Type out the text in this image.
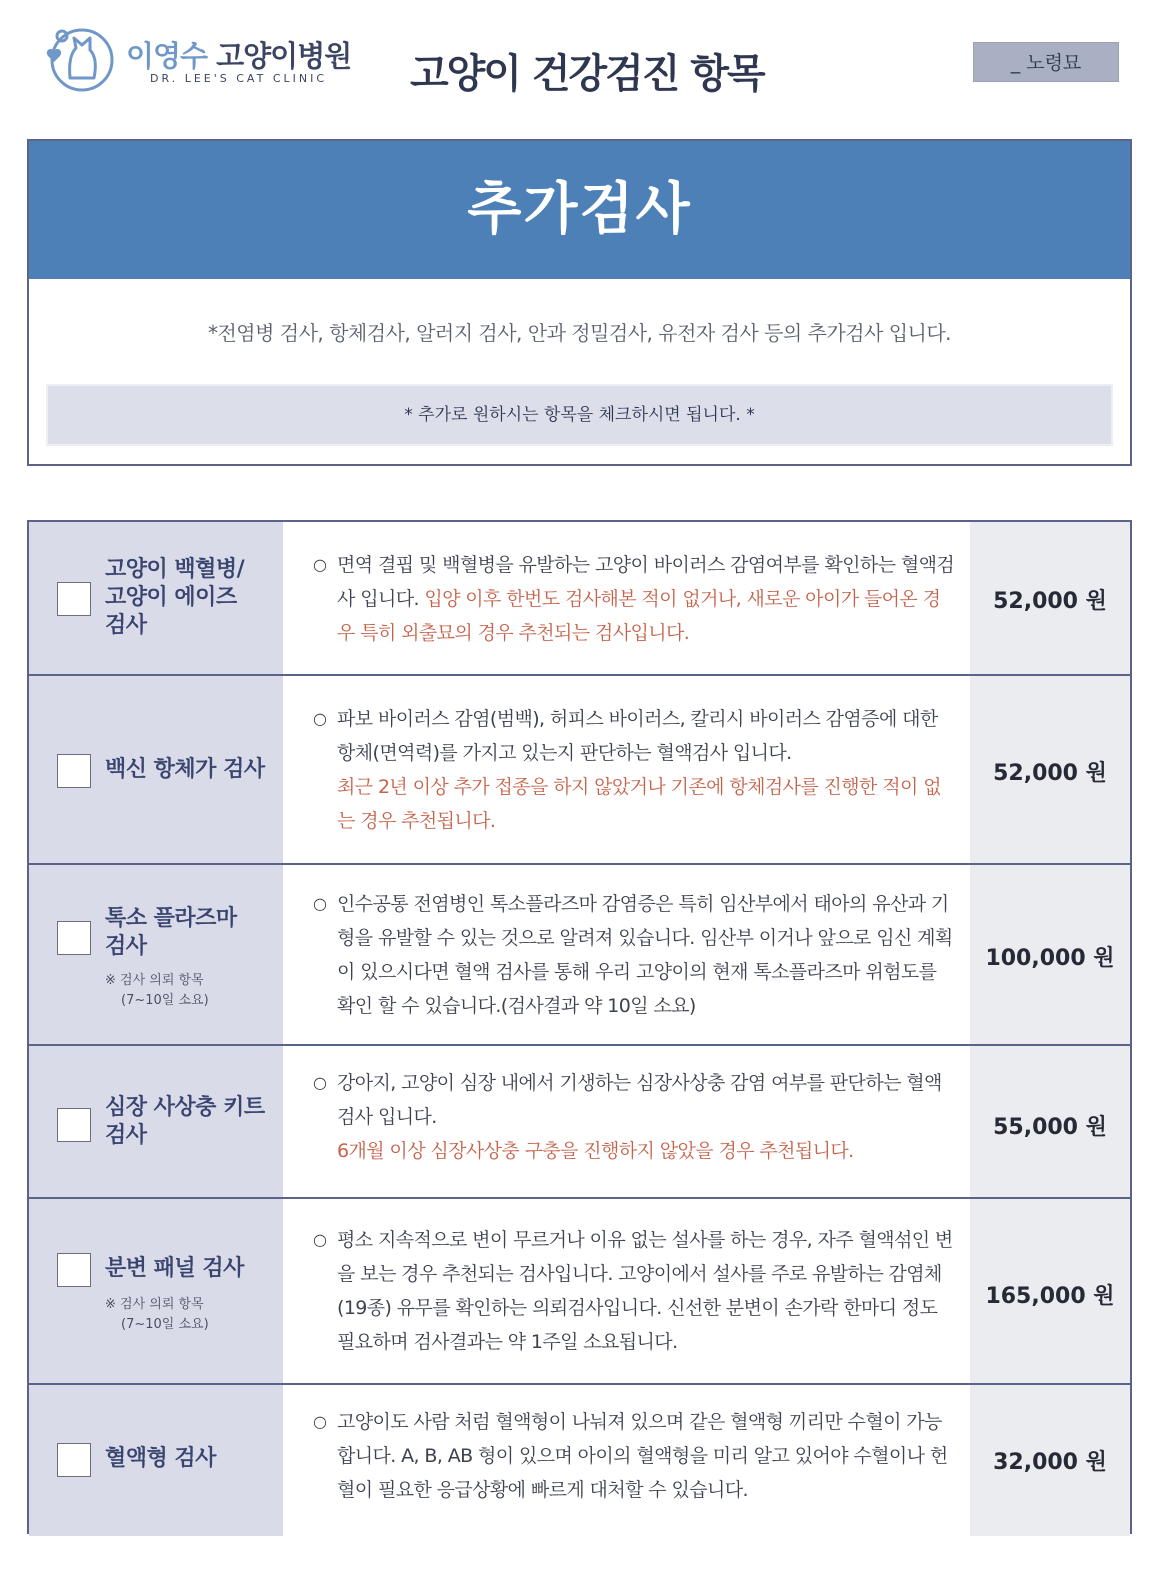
이영수 고양이병원
DR. LEE'S CAT CLINIC 고양이 건강검진 항목	_ 노령묘
추가검사
*전염병 검사, 항체검사, 알러지 검사, 안과 정밀검사, 유전자 검사 등의 추가검사 입니다.
* 추가로 원하시는 항목을 체크하시면 됩니다. *
고양이 백혈병/
고양이 에이즈
검사
○ 면역 결핍 및 백혈병을 유발하는 고양이 바이러스 감염여부를 확인하는 혈액검사 입니다. 입양 이후 한번도 검사해본 적이 없거나, 새로운 아이가 들어온 경우 특히 외출묘의 경우 추천되는 검사입니다.
52,000 원
백신 항체가 검사
○ 파보 바이러스 감염(범백), 허피스 바이러스, 칼리시 바이러스 감염증에 대한 항체(면역력)를 가지고 있는지 판단하는 혈액검사 입니다.
최근 2년 이상 추가 접종을 하지 않았거나 기존에 항체검사를 진행한 적이 없는 경우 추천됩니다.
52,000 원
톡소 플라즈마
검사
※ 검사 의뢰 항목
(7~10일 소요)
○ 인수공통 전염병인 톡소플라즈마 감염증은 특히 임산부에서 태아의 유산과 기형을 유발할 수 있는 것으로 알려져 있습니다. 임산부 이거나 앞으로 임신 계획이 있으시다면 혈액 검사를 통해 우리 고양이의 현재 톡소플라즈마 위험도를 확인 할 수 있습니다.(검사결과 약 10일 소요)
100,000 원
심장 사상충 키트
검사
○ 강아지, 고양이 심장 내에서 기생하는 심장사상충 감염 여부를 판단하는 혈액검사 입니다.
6개월 이상 심장사상충 구충을 진행하지 않았을 경우 추천됩니다.
55,000 원
분변 패널 검사
※ 검사 의뢰 항목
(7~10일 소요)
○ 평소 지속적으로 변이 무르거나 이유 없는 설사를 하는 경우, 자주 혈액섞인 변을 보는 경우 추천되는 검사입니다. 고양이에서 설사를 주로 유발하는 감염체(19종) 유무를 확인하는 의뢰검사입니다. 신선한 분변이 손가락 한마디 정도 필요하며 검사결과는 약 1주일 소요됩니다.
165,000 원
혈액형 검사
○ 고양이도 사람 처럼 혈액형이 나눠져 있으며 같은 혈액형 끼리만 수혈이 가능합니다. A, B, AB 형이 있으며 아이의 혈액형을 미리 알고 있어야 수혈이나 헌혈이 필요한 응급상황에 빠르게 대처할 수 있습니다.
32,000 원
